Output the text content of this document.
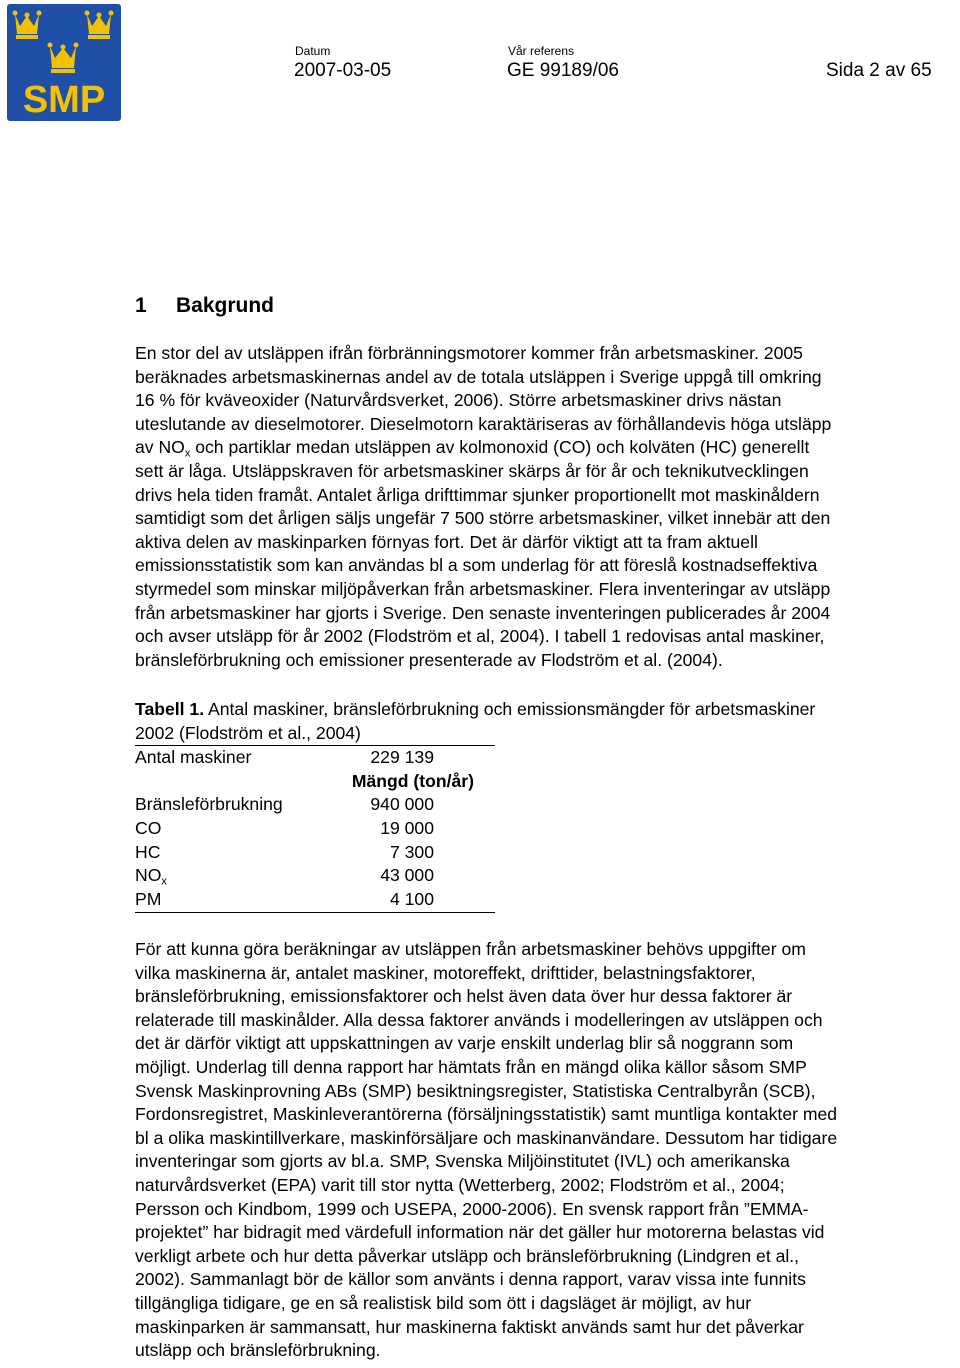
SMP
Datum
2007-03-05
Vår referens
GE 99189/06	Sida 2 av 65
1 Bakgrund

En stor del av utsläppen ifrån förbränningsmotorer kommer från arbetsmaskiner. 2005
beräknades arbetsmaskinernas andel av de totala utsläppen i Sverige uppgå till omkring
16 % för kväveoxider (Naturvårdsverket, 2006). Större arbetsmaskiner drivs nästan
uteslutande av dieselmotorer. Dieselmotorn karaktäriseras av förhållandevis höga utsläpp
av $NO_x$ och partiklar medan utsläppen av kolmonoxid (CO) och kolväten (HC) generellt
sett är låga. Utsläppskraven för arbetsmaskiner skärps år för år och teknikutvecklingen
drivs hela tiden framåt. Antalet årliga drifttimmar sjunker proportionellt mot maskinåldern
samtidigt som det årligen säljs ungefär 7 500 större arbetsmaskiner, vilket innebär att den
aktiva delen av maskinparken förnyas fort. Det är därför viktigt att ta fram aktuell
emissionsstatistik som kan användas bl a som underlag för att föreslå kostnadseffektiva
styrmedel som minskar miljöpåverkan från arbetsmaskiner. Flera inventeringar av utsläpp
från arbetsmaskiner har gjorts i Sverige. Den senaste inventeringen publicerades år 2004
och avser utsläpp för år 2002 (Flodström et al, 2004). I tabell 1 redovisas antal maskiner,
bränsleförbrukning och emissioner presenterade av Flodström et al. (2004).

Tabell 1. Antal maskiner, bränsleförbrukning och emissionsmängder för arbetsmaskiner
2002 (Flodström et al., 2004)

Antal maskiner	229 139
Mängd (ton/år)
Bränsleförbrukning	940 000
CO	19 000
HC	7 300
$NO_x$	43 000
PM	4 100

För att kunna göra beräkningar av utsläppen från arbetsmaskiner behövs uppgifter om
vilka maskinerna är, antalet maskiner, motoreffekt, drifttider, belastningsfaktorer,
bränsleförbrukning, emissionsfaktorer och helst även data över hur dessa faktorer är
relaterade till maskinålder. Alla dessa faktorer används i modelleringen av utsläppen och
det är därför viktigt att uppskattningen av varje enskilt underlag blir så noggrann som
möjligt. Underlag till denna rapport har hämtats från en mängd olika källor såsom SMP
Svensk Maskinprovning ABs (SMP) besiktningsregister, Statistiska Centralbyrån (SCB),
Fordonsregistret, Maskinleverantörerna (försäljningsstatistik) samt muntliga kontakter med
bl a olika maskintillverkare, maskinförsäljare och maskinanvändare. Dessutom har tidigare
inventeringar som gjorts av bl.a. SMP, Svenska Miljöinstitutet (IVL) och amerikanska
naturvårdsverket (EPA) varit till stor nytta (Wetterberg, 2002; Flodström et al., 2004;
Persson och Kindbom, 1999 och USEPA, 2000-2006). En svensk rapport från ”EMMA-
projektet” har bidragit med värdefull information när det gäller hur motorerna belastas vid
verkligt arbete och hur detta påverkar utsläpp och bränsleförbrukning (Lindgren et al.,
2002). Sammanlagt bör de källor som använts i denna rapport, varav vissa inte funnits
tillgängliga tidigare, ge en så realistisk bild som ött i dagsläget är möjligt, av hur
maskinparken är sammansatt, hur maskinerna faktiskt används samt hur det påverkar
utsläpp och bränsleförbrukning.
